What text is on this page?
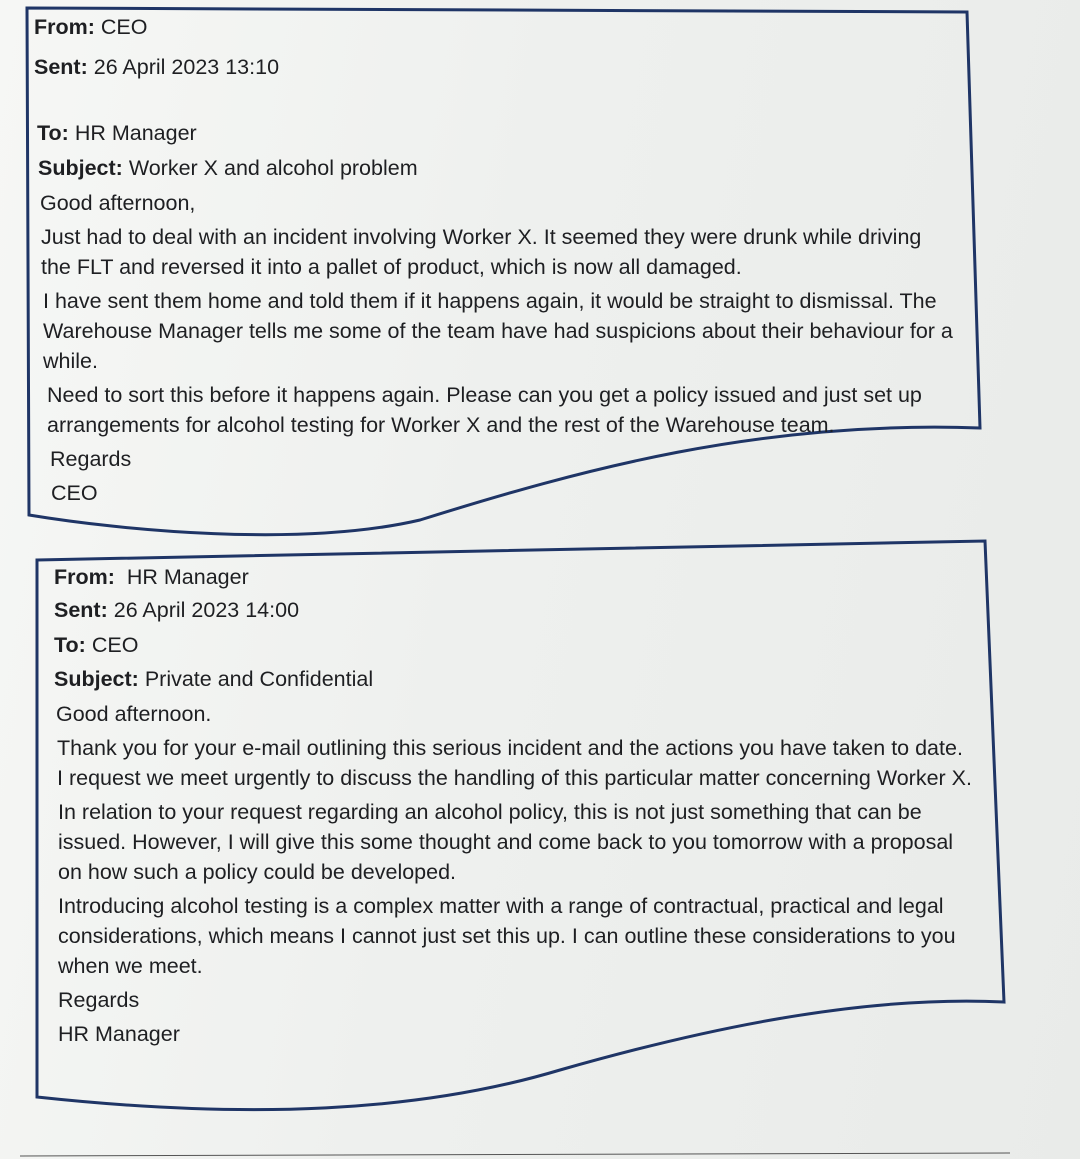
From: CEO
Sent: 26 April 2023 13:10
To: HR Manager
Subject: Worker X and alcohol problem
Good afternoon,
Just had to deal with an incident involving Worker X. It seemed they were drunk while driving
the FLT and reversed it into a pallet of product, which is now all damaged.
I have sent them home and told them if it happens again, it would be straight to dismissal. The
Warehouse Manager tells me some of the team have had suspicions about their behaviour for a
while.
Need to sort this before it happens again. Please can you get a policy issued and just set up
arrangements for alcohol testing for Worker X and the rest of the Warehouse team.
Regards
CEO
From: HR Manager
Sent: 26 April 2023 14:00
To: CEO
Subject: Private and Confidential
Good afternoon.
Thank you for your e-mail outlining this serious incident and the actions you have taken to date.
I request we meet urgently to discuss the handling of this particular matter concerning Worker X.
In relation to your request regarding an alcohol policy, this is not just something that can be
issued. However, I will give this some thought and come back to you tomorrow with a proposal
on how such a policy could be developed.
Introducing alcohol testing is a complex matter with a range of contractual, practical and legal
considerations, which means I cannot just set this up. I can outline these considerations to you
when we meet.
Regards
HR Manager
